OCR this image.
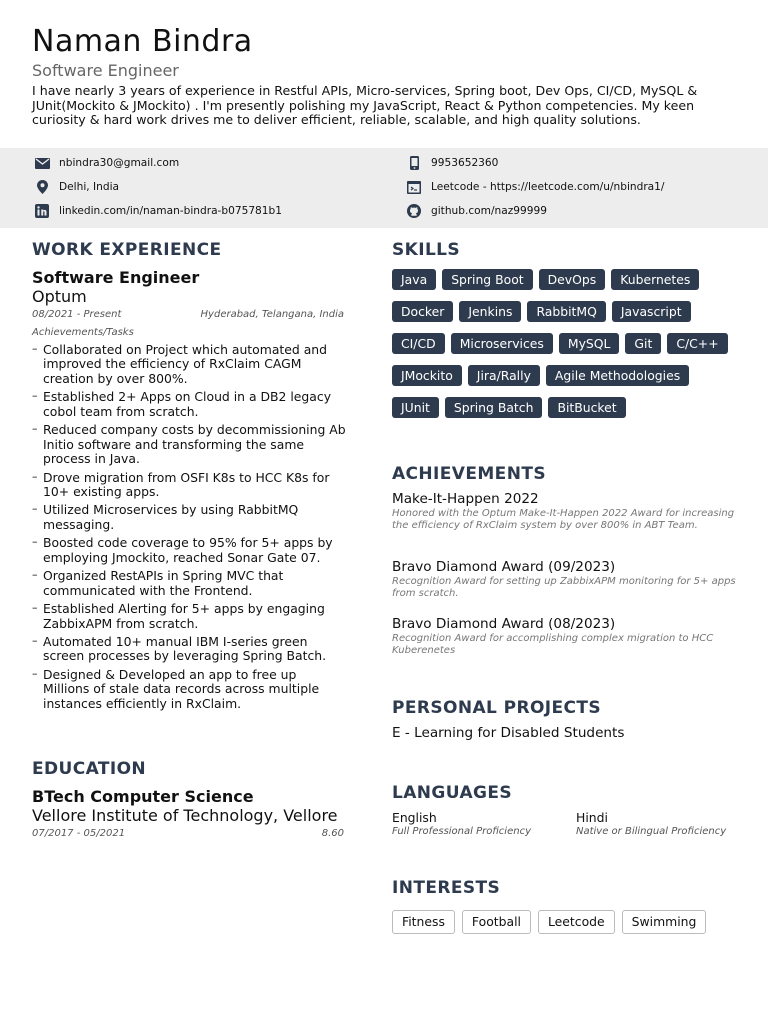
Naman Bindra
Software Engineer
I have nearly 3 years of experience in Restful APIs, Micro-services, Spring boot, Dev Ops, CI/CD, MySQL & JUnit(Mockito & JMockito) . I'm presently polishing my JavaScript, React & Python competencies. My keen curiosity & hard work drives me to deliver efficient, reliable, scalable, and high quality solutions.
nbindra30@gmail.com	9953652360
Delhi, India	Leetcode - https://leetcode.com/u/nbindra1/
linkedin.com/in/naman-bindra-b075781b1	github.com/naz99999
WORK EXPERIENCE
Software Engineer
Optum
08/2021 - Present	Hyderabad, Telangana, India
Achievements/Tasks
– Collaborated on Project which automated and improved the efficiency of RxClaim CAGM creation by over 800%.
– Established 2+ Apps on Cloud in a DB2 legacy cobol team from scratch.
– Reduced company costs by decommissioning Ab Initio software and transforming the same process in Java.
– Drove migration from OSFI K8s to HCC K8s for 10+ existing apps.
– Utilized Microservices by using RabbitMQ messaging.
– Boosted code coverage to 95% for 5+ apps by employing Jmockito, reached Sonar Gate 07.
– Organized RestAPIs in Spring MVC that communicated with the Frontend.
– Established Alerting for 5+ apps by engaging ZabbixAPM from scratch.
– Automated 10+ manual IBM I-series green screen processes by leveraging Spring Batch.
– Designed & Developed an app to free up Millions of stale data records across multiple instances efficiently in RxClaim.
EDUCATION
BTech Computer Science
Vellore Institute of Technology, Vellore
07/2017 - 05/2021	8.60
SKILLS
Java	Spring Boot	DevOps	Kubernetes
Docker	Jenkins	RabbitMQ	Javascript
CI/CD	Microservices	MySQL	Git	C/C++
JMockito	Jira/Rally	Agile Methodologies
JUnit	Spring Batch	BitBucket
ACHIEVEMENTS
Make-It-Happen 2022
Honored with the Optum Make-It-Happen 2022 Award for increasing the efficiency of RxClaim system by over 800% in ABT Team.
Bravo Diamond Award (09/2023)
Recognition Award for setting up ZabbixAPM monitoring for 5+ apps from scratch.
Bravo Diamond Award (08/2023)
Recognition Award for accomplishing complex migration to HCC Kuberenetes
PERSONAL PROJECTS
E - Learning for Disabled Students
LANGUAGES
English
Full Professional Proficiency
Hindi
Native or Bilingual Proficiency
INTERESTS
Fitness	Football	Leetcode	Swimming
